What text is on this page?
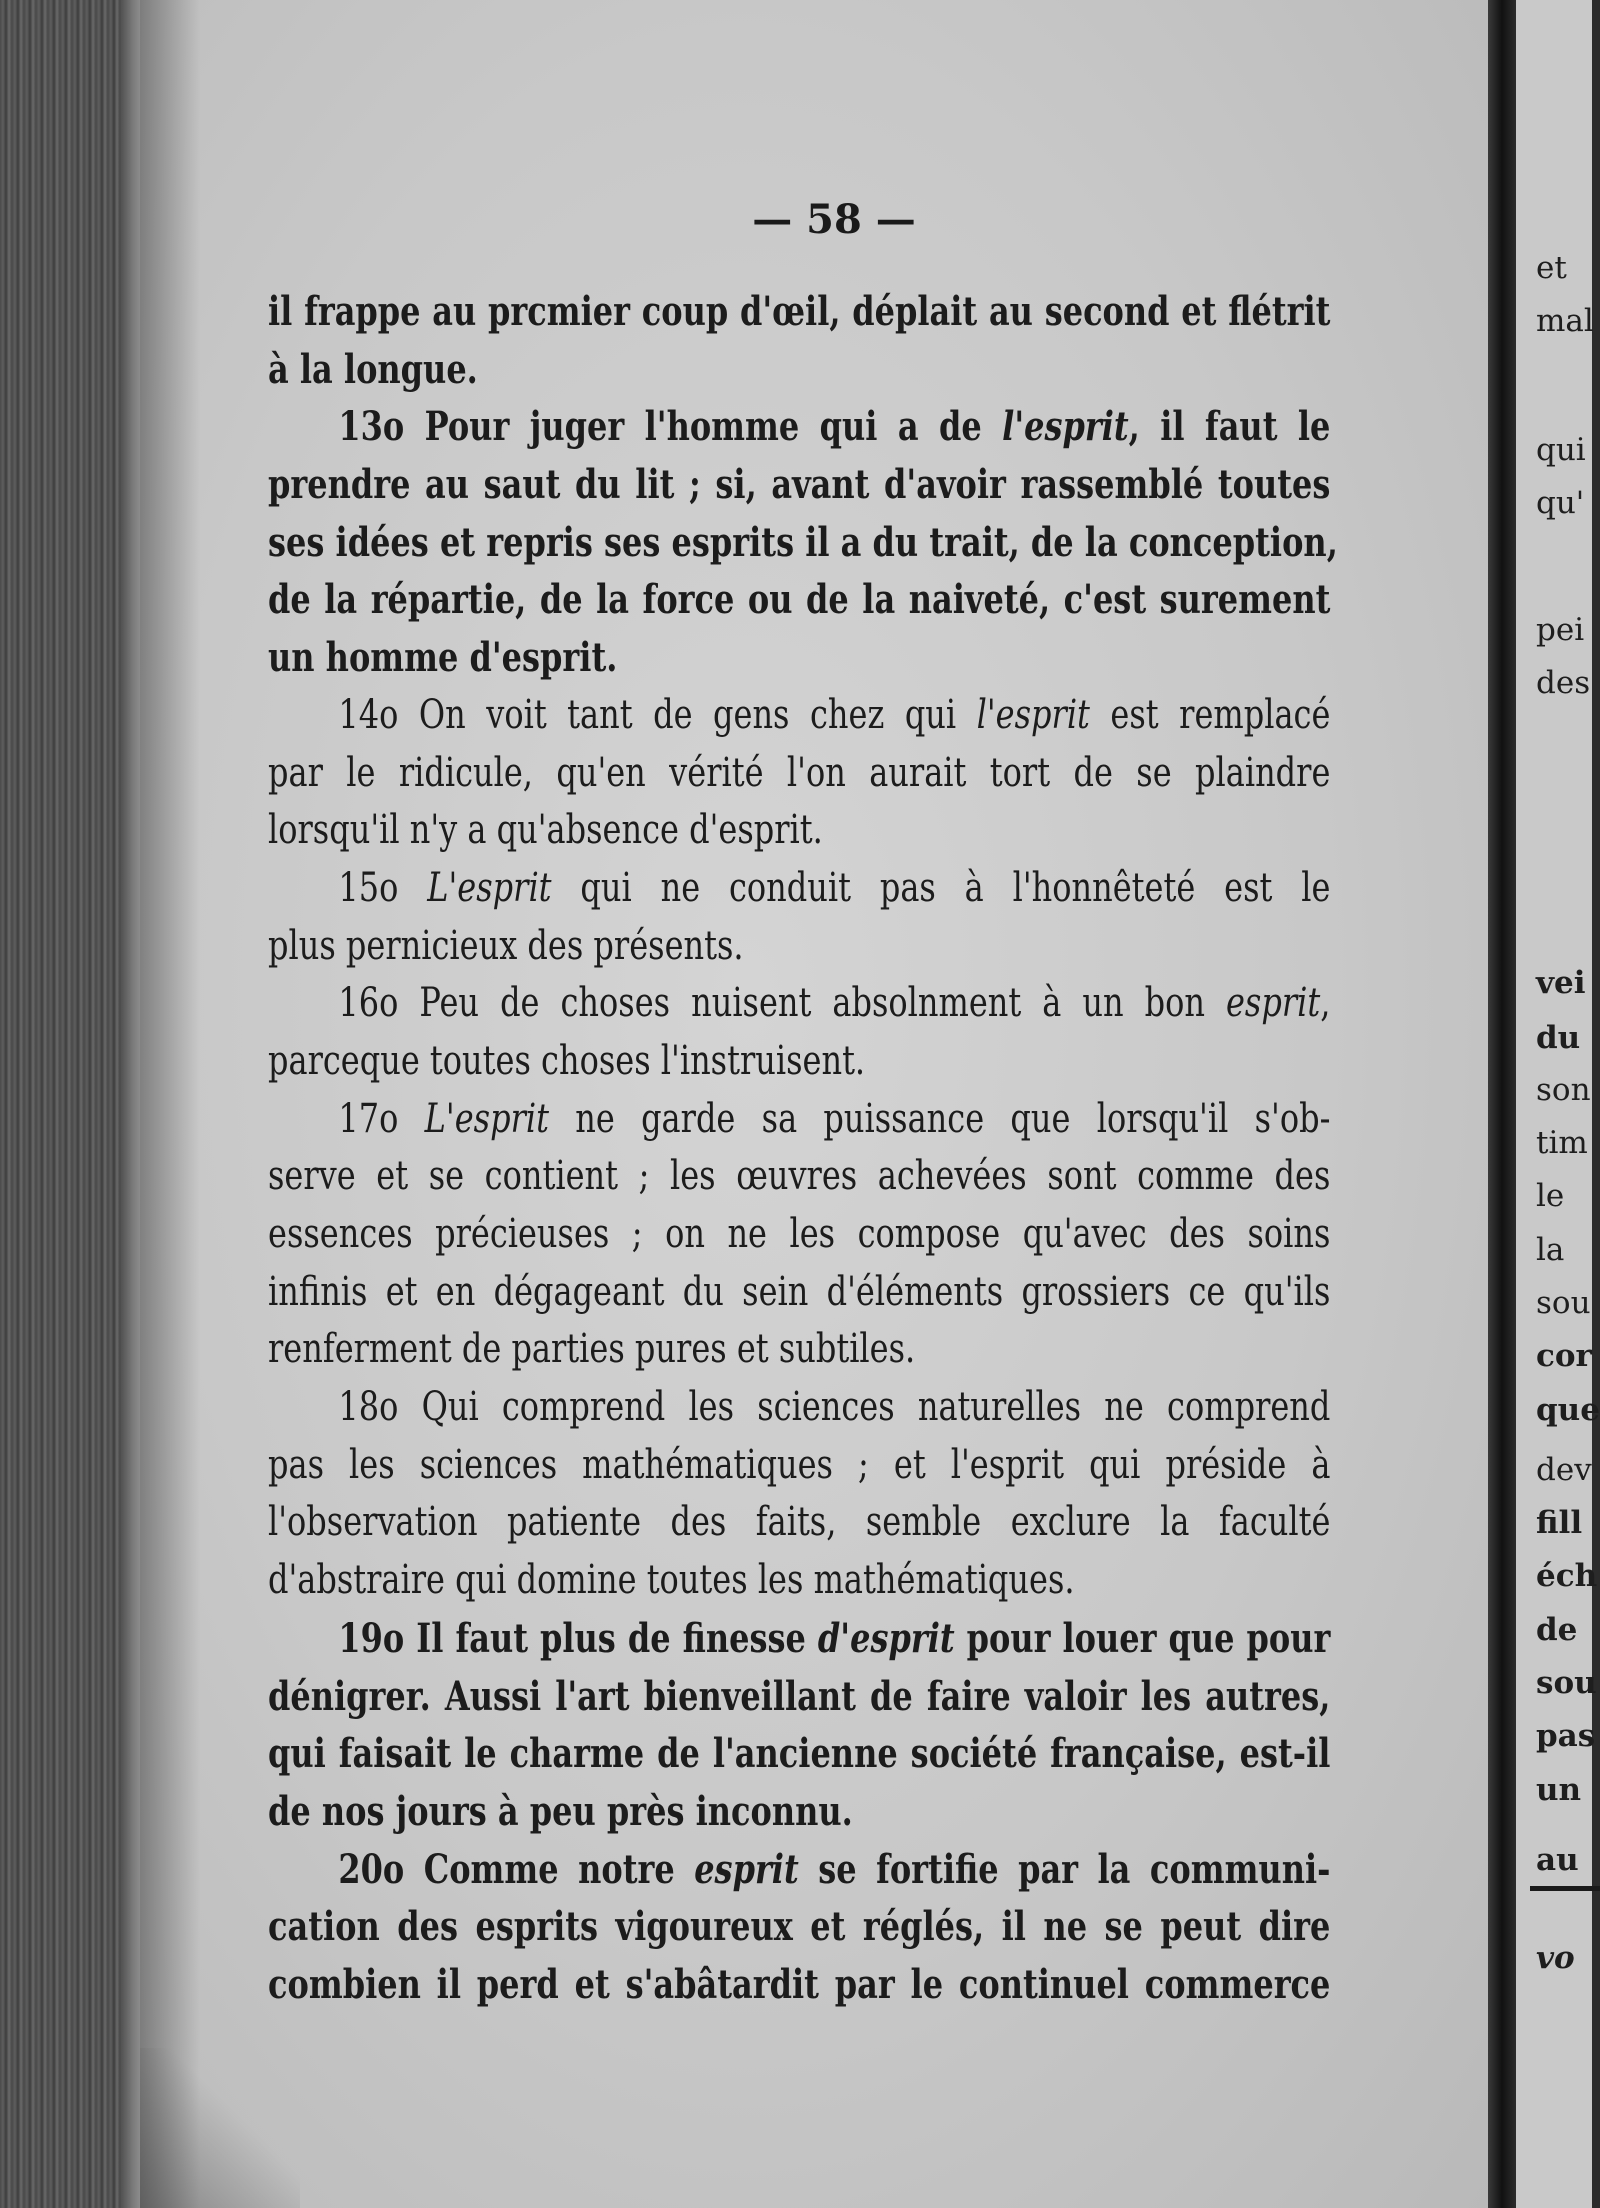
— 58 —
il frappe au prcmier coup d'œil, déplait au second et flétrit
à la longue.
13o Pour juger l'homme qui a de l'esprit, il faut le
prendre au saut du lit ; si, avant d'avoir rassemblé toutes
ses idées et repris ses esprits il a du trait, de la conception,
de la répartie, de la force ou de la naiveté, c'est surement
un homme d'esprit.
14o On voit tant de gens chez qui l'esprit est remplacé
par le ridicule, qu'en vérité l'on aurait tort de se plaindre
lorsqu'il n'y a qu'absence d'esprit.
15o L'esprit qui ne conduit pas à l'honnêteté est le
plus pernicieux des présents.
16o Peu de choses nuisent absolnment à un bon esprit,
parceque toutes choses l'instruisent.
17o L'esprit ne garde sa puissance que lorsqu'il s'ob-
serve et se contient ; les œuvres achevées sont comme des
essences précieuses ; on ne les compose qu'avec des soins
infinis et en dégageant du sein d'éléments grossiers ce qu'ils
renferment de parties pures et subtiles.
18o Qui comprend les sciences naturelles ne comprend
pas les sciences mathématiques ; et l'esprit qui préside à
l'observation patiente des faits, semble exclure la faculté
d'abstraire qui domine toutes les mathématiques.
19o Il faut plus de finesse d'esprit pour louer que pour
dénigrer. Aussi l'art bienveillant de faire valoir les autres,
qui faisait le charme de l'ancienne société française, est-il
de nos jours à peu près inconnu.
20o Comme notre esprit se fortifie par la communi-
cation des esprits vigoureux et réglés, il ne se peut dire
combien il perd et s'abâtardit par le continuel commerce
et
mal
qui
qu'
pei
des
vei
du
son
tim
le
la
sou
cor
que
dev
fill
éch
de
sou
pas
un
au
vo
